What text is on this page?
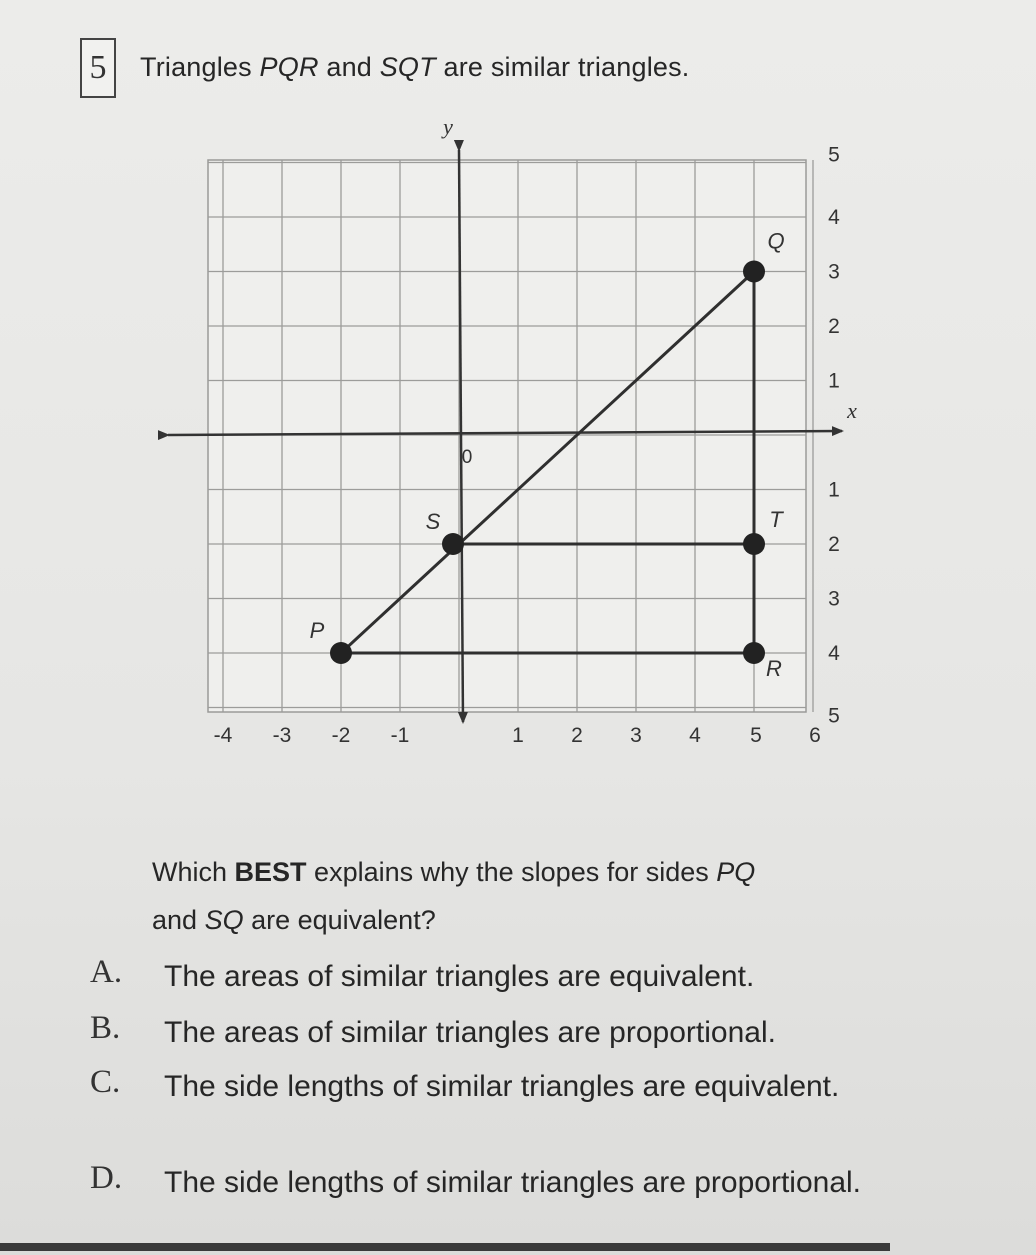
5	Triangles PQR and SQT are similar triangles.
x
y
0
-4 -3 -2 -1	1 2 3 4 5 6
5
4
3
2
1
1
2
3
4
5
P
Q
R
S	T
Which BEST explains why the slopes for sides PQ
and SQ are equivalent?
A. The areas of similar triangles are equivalent.
B. The areas of similar triangles are proportional.
C. The side lengths of similar triangles are equivalent.
D. The side lengths of similar triangles are proportional.
